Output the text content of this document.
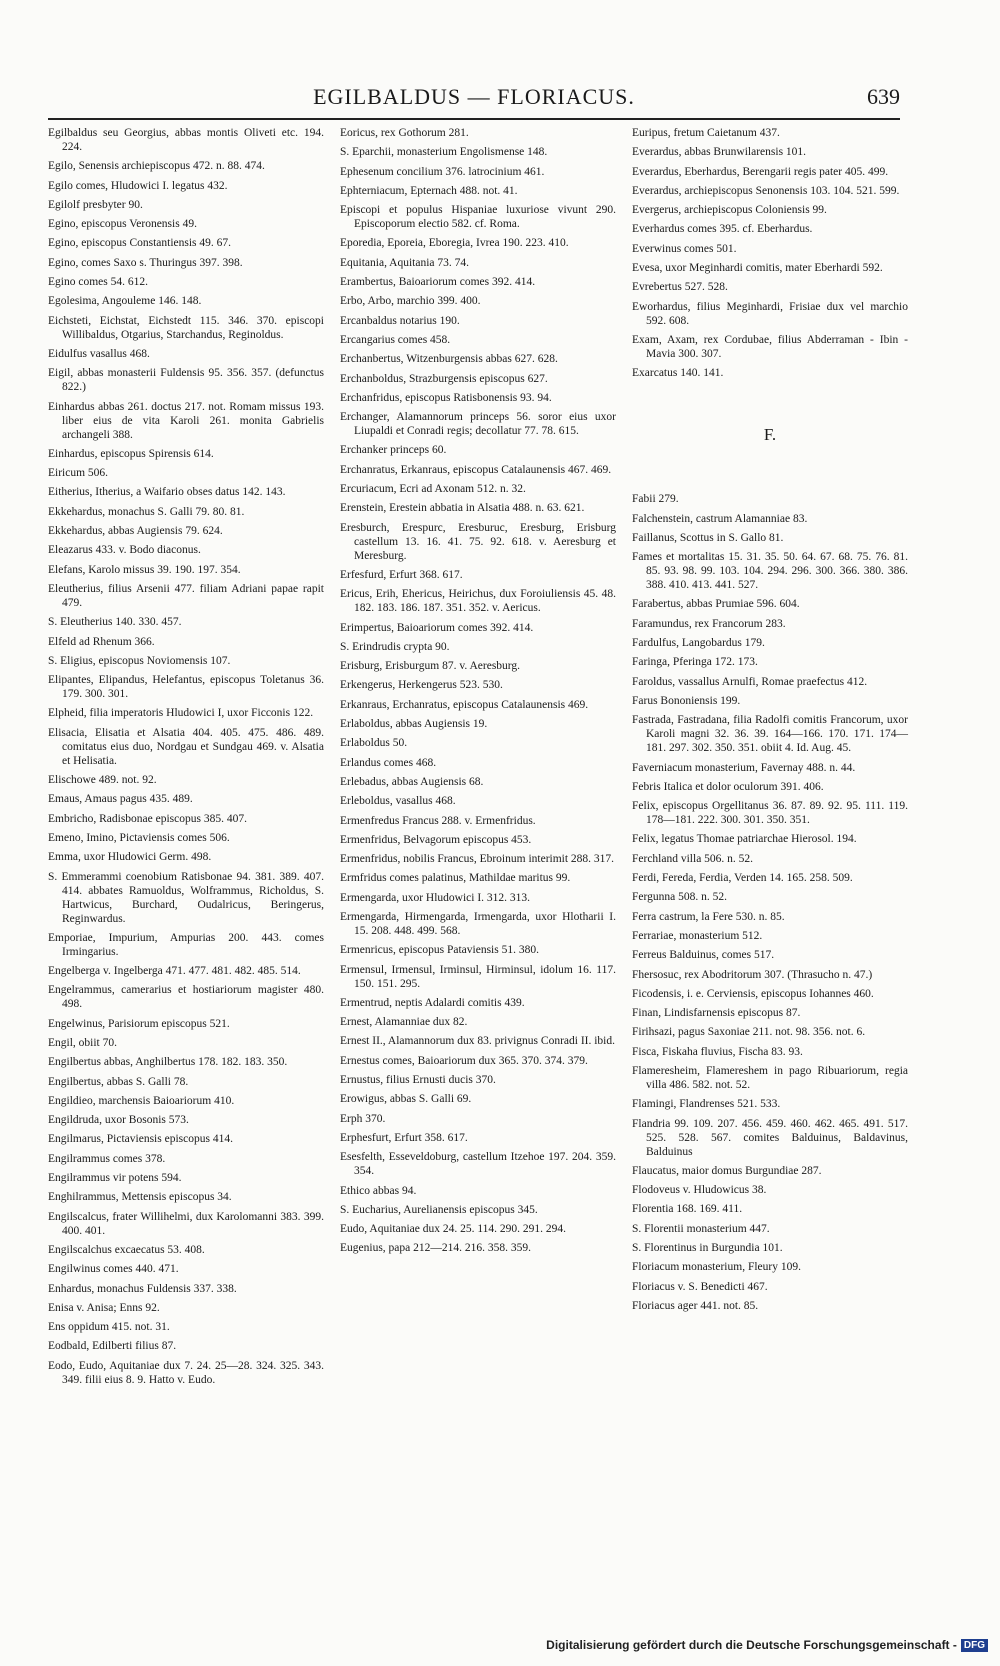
EGILBALDUS — FLORIACUS.	639
Egilbaldus seu Georgius, abbas montis Oliveti etc. 194. 224.
Egilo, Senensis archiepiscopus 472. n. 88. 474.
Egilo comes, Hludowici I. legatus 432.
Egilolf presbyter 90.
Egino, episcopus Veronensis 49.
Egino, episcopus Constantiensis 49. 67.
Egino, comes Saxo s. Thuringus 397. 398.
Egino comes 54. 612.
Egolesima, Angouleme 146. 148.
Eichsteti, Eichstat, Eichstedt 115. 346. 370. episcopi Willibaldus, Otgarius, Starchandus, Reginoldus.
Eidulfus vasallus 468.
Eigil, abbas monasterii Fuldensis 95. 356. 357. (defunctus 822.)
Einhardus abbas 261. doctus 217. not. Romam missus 193. liber eius de vita Karoli 261. monita Gabrielis archangeli 388.
Einhardus, episcopus Spirensis 614.
Eiricum 506.
Eitherius, Itherius, a Waifario obses datus 142. 143.
Ekkehardus, monachus S. Galli 79. 80. 81.
Ekkehardus, abbas Augiensis 79. 624.
Eleazarus 433. v. Bodo diaconus.
Elefans, Karolo missus 39. 190. 197. 354.
Eleutherius, filius Arsenii 477. filiam Adriani papae rapit 479.
S. Eleutherius 140. 330. 457.
Elfeld ad Rhenum 366.
S. Eligius, episcopus Noviomensis 107.
Elipantes, Elipandus, Helefantus, episcopus Toletanus 36. 179. 300. 301.
Elpheid, filia imperatoris Hludowici I, uxor Ficconis 122.
Elisacia, Elisatia et Alsatia 404. 405. 475. 486. 489. comitatus eius duo, Nordgau et Sundgau 469. v. Alsatia et Helisatia.
Elischowe 489. not. 92.
Emaus, Amaus pagus 435. 489.
Embricho, Radisbonae episcopus 385. 407.
Emeno, Imino, Pictaviensis comes 506.
Emma, uxor Hludowici Germ. 498.
S. Emmerammi coenobium Ratisbonae 94. 381. 389. 407. 414. abbates Ramuoldus, Wolframmus, Richoldus, S. Hartwicus, Burchard, Oudalricus, Beringerus, Reginwardus.
Emporiae, Impurium, Ampurias 200. 443. comes Irmingarius.
Engelberga v. Ingelberga 471. 477. 481. 482. 485. 514.
Engelrammus, camerarius et hostiariorum magister 480. 498.
Engelwinus, Parisiorum episcopus 521.
Engil, obiit 70.
Engilbertus abbas, Anghilbertus 178. 182. 183. 350.
Engilbertus, abbas S. Galli 78.
Engildieo, marchensis Baioariorum 410.
Engildruda, uxor Bosonis 573.
Engilmarus, Pictaviensis episcopus 414.
Engilrammus comes 378.
Engilrammus vir potens 594.
Enghilrammus, Mettensis episcopus 34.
Engilscalcus, frater Willihelmi, dux Karolomanni 383. 399. 400. 401.
Engilscalchus excaecatus 53. 408.
Engilwinus comes 440. 471.
Enhardus, monachus Fuldensis 337. 338.
Enisa v. Anisa; Enns 92.
Ens oppidum 415. not. 31.
Eodbald, Edilberti filius 87.
Eodo, Eudo, Aquitaniae dux 7. 24. 25—28. 324. 325. 343. 349. filii eius 8. 9. Hatto v. Eudo.
Eoricus, rex Gothorum 281.
S. Eparchii, monasterium Engolismense 148.
Ephesenum concilium 376. latrocinium 461.
Ephterniacum, Epternach 488. not. 41.
Episcopi et populus Hispaniae luxuriose vivunt 290. Episcoporum electio 582. cf. Roma.
Eporedia, Eporeia, Eboregia, Ivrea 190. 223. 410.
Equitania, Aquitania 73. 74.
Erambertus, Baioariorum comes 392. 414.
Erbo, Arbo, marchio 399. 400.
Ercanbaldus notarius 190.
Ercangarius comes 458.
Erchanbertus, Witzenburgensis abbas 627. 628.
Erchanboldus, Strazburgensis episcopus 627.
Erchanfridus, episcopus Ratisbonensis 93. 94.
Erchanger, Alamannorum princeps 56. soror eius uxor Liupaldi et Conradi regis; decollatur 77. 78. 615.
Erchanker princeps 60.
Erchanratus, Erkanraus, episcopus Catalaunensis 467. 469.
Ercuriacum, Ecri ad Axonam 512. n. 32.
Erenstein, Erestein abbatia in Alsatia 488. n. 63. 621.
Eresburch, Erespurc, Eresburuc, Eresburg, Erisburg castellum 13. 16. 41. 75. 92. 618. v. Aeresburg et Meresburg.
Erfesfurd, Erfurt 368. 617.
Ericus, Erih, Ehericus, Heirichus, dux Foroiuliensis 45. 48. 182. 183. 186. 187. 351. 352. v. Aericus.
Erimpertus, Baioariorum comes 392. 414.
S. Erindrudis crypta 90.
Erisburg, Erisburgum 87. v. Aeresburg.
Erkengerus, Herkengerus 523. 530.
Erkanraus, Erchanratus, episcopus Catalaunensis 469.
Erlaboldus, abbas Augiensis 19.
Erlaboldus 50.
Erlandus comes 468.
Erlebadus, abbas Augiensis 68.
Erleboldus, vasallus 468.
Ermenfredus Francus 288. v. Ermenfridus.
Ermenfridus, Belvagorum episcopus 453.
Ermenfridus, nobilis Francus, Ebroinum interimit 288. 317.
Ermfridus comes palatinus, Mathildae maritus 99.
Ermengarda, uxor Hludowici I. 312. 313.
Ermengarda, Hirmengarda, Irmengarda, uxor Hlotharii I. 15. 208. 448. 499. 568.
Ermenricus, episcopus Pataviensis 51. 380.
Ermensul, Irmensul, Irminsul, Hirminsul, idolum 16. 117. 150. 151. 295.
Ermentrud, neptis Adalardi comitis 439.
Ernest, Alamanniae dux 82.
Ernest II., Alamannorum dux 83. privignus Conradi II. ibid.
Ernestus comes, Baioariorum dux 365. 370. 374. 379.
Ernustus, filius Ernusti ducis 370.
Erowigus, abbas S. Galli 69.
Erph 370.
Erphesfurt, Erfurt 358. 617.
Esesfelth, Esseveldoburg, castellum Itzehoe 197. 204. 359. 354.
Ethico abbas 94.
S. Eucharius, Aurelianensis episcopus 345.
Eudo, Aquitaniae dux 24. 25. 114. 290. 291. 294.
Eugenius, papa 212—214. 216. 358. 359.
Euripus, fretum Caietanum 437.
Everardus, abbas Brunwilarensis 101.
Everardus, Eberhardus, Berengarii regis pater 405. 499.
Everardus, archiepiscopus Senonensis 103. 104. 521. 599.
Evergerus, archiepiscopus Coloniensis 99.
Everhardus comes 395. cf. Eberhardus.
Everwinus comes 501.
Evesa, uxor Meginhardi comitis, mater Eberhardi 592.
Evrebertus 527. 528.
Eworhardus, filius Meginhardi, Frisiae dux vel marchio 592. 608.
Exam, Axam, rex Cordubae, filius Abderraman - Ibin - Mavia 300. 307.
Exarcatus 140. 141.
F.
Fabii 279.
Falchenstein, castrum Alamanniae 83.
Faillanus, Scottus in S. Gallo 81.
Fames et mortalitas 15. 31. 35. 50. 64. 67. 68. 75. 76. 81. 85. 93. 98. 99. 103. 104. 294. 296. 300. 366. 380. 386. 388. 410. 413. 441. 527.
Farabertus, abbas Prumiae 596. 604.
Faramundus, rex Francorum 283.
Fardulfus, Langobardus 179.
Faringa, Pferinga 172. 173.
Faroldus, vassallus Arnulfi, Romae praefectus 412.
Farus Bononiensis 199.
Fastrada, Fastradana, filia Radolfi comitis Francorum, uxor Karoli magni 32. 36. 39. 164—166. 170. 171. 174—181. 297. 302. 350. 351. obiit 4. Id. Aug. 45.
Faverniacum monasterium, Favernay 488. n. 44.
Febris Italica et dolor oculorum 391. 406.
Felix, episcopus Orgellitanus 36. 87. 89. 92. 95. 111. 119. 178—181. 222. 300. 301. 350. 351.
Felix, legatus Thomae patriarchae Hierosol. 194.
Ferchland villa 506. n. 52.
Ferdi, Fereda, Ferdia, Verden 14. 165. 258. 509.
Fergunna 508. n. 52.
Ferra castrum, la Fere 530. n. 85.
Ferrariae, monasterium 512.
Ferreus Balduinus, comes 517.
Fhersosuc, rex Abodritorum 307. (Thrasucho n. 47.)
Ficodensis, i. e. Cerviensis, episcopus Iohannes 460.
Finan, Lindisfarnensis episcopus 87.
Firihsazi, pagus Saxoniae 211. not. 98. 356. not. 6.
Fisca, Fiskaha fluvius, Fischa 83. 93.
Flameresheim, Flamereshem in pago Ribuariorum, regia villa 486. 582. not. 52.
Flamingi, Flandrenses 521. 533.
Flandria 99. 109. 207. 456. 459. 460. 462. 465. 491. 517. 525. 528. 567. comites Balduinus, Baldavinus, Balduinus
Flaucatus, maior domus Burgundiae 287.
Flodoveus v. Hludowicus 38.
Florentia 168. 169. 411.
S. Florentii monasterium 447.
S. Florentinus in Burgundia 101.
Floriacum monasterium, Fleury 109.
Floriacus v. S. Benedicti 467.
Floriacus ager 441. not. 85.
Digitalisierung gefördert durch die Deutsche Forschungsgemeinschaft - DFG
